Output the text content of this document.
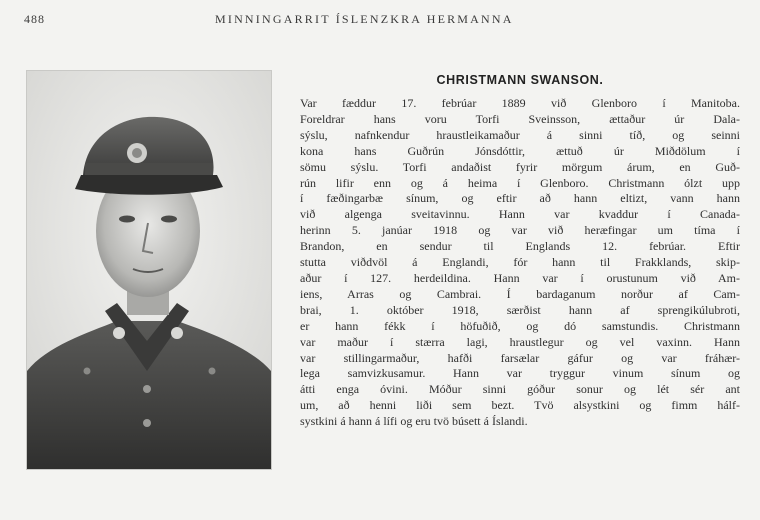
488	MINNINGARRIT ÍSLENZKRA HERMANNA
CHRISTMANN SWANSON.
Var fæddur 17. febrúar 1889 við Glenboro í Manitoba.
Foreldrar hans voru Torfi Sveinsson, ættaður úr Dala-
sýslu, nafnkendur hraustleikamaður á sinni tíð, og seinni
kona hans Guðrún Jónsdóttir, ættuð úr Miðdölum í
sömu sýslu. Torfi andaðist fyrir mörgum árum, en Guð-
rún lifir enn og á heima í Glenboro. Christmann ólzt upp
í fæðingarbæ sínum, og eftir að hann eltizt, vann hann
við algenga sveitavinnu. Hann var kvaddur í Canada-
herinn 5. janúar 1918 og var við heræfingar um tíma í
Brandon, en sendur til Englands 12. febrúar. Eftir
stutta viðdvöl á Englandi, fór hann til Frakklands, skip-
aður í 127. herdeildina. Hann var í orustunum við Am-
iens, Arras og Cambrai. Í bardaganum norður af Cam-
brai, 1. október 1918, særðist hann af sprengikúlubroti,
er hann fékk í höfuðið, og dó samstundis. Christmann
var maður í stærra lagi, hraustlegur og vel vaxinn. Hann
var stillingarmaður, hafði farsælar gáfur og var fráhær-
lega samvizkusamur. Hann var tryggur vinum sínum og
átti enga óvini. Móður sinni góður sonur og lét sér ant
um, að henni liði sem bezt. Tvö alsystkini og fimm hálf-
systkini á hann á lífi og eru tvö búsett á Íslandi.
